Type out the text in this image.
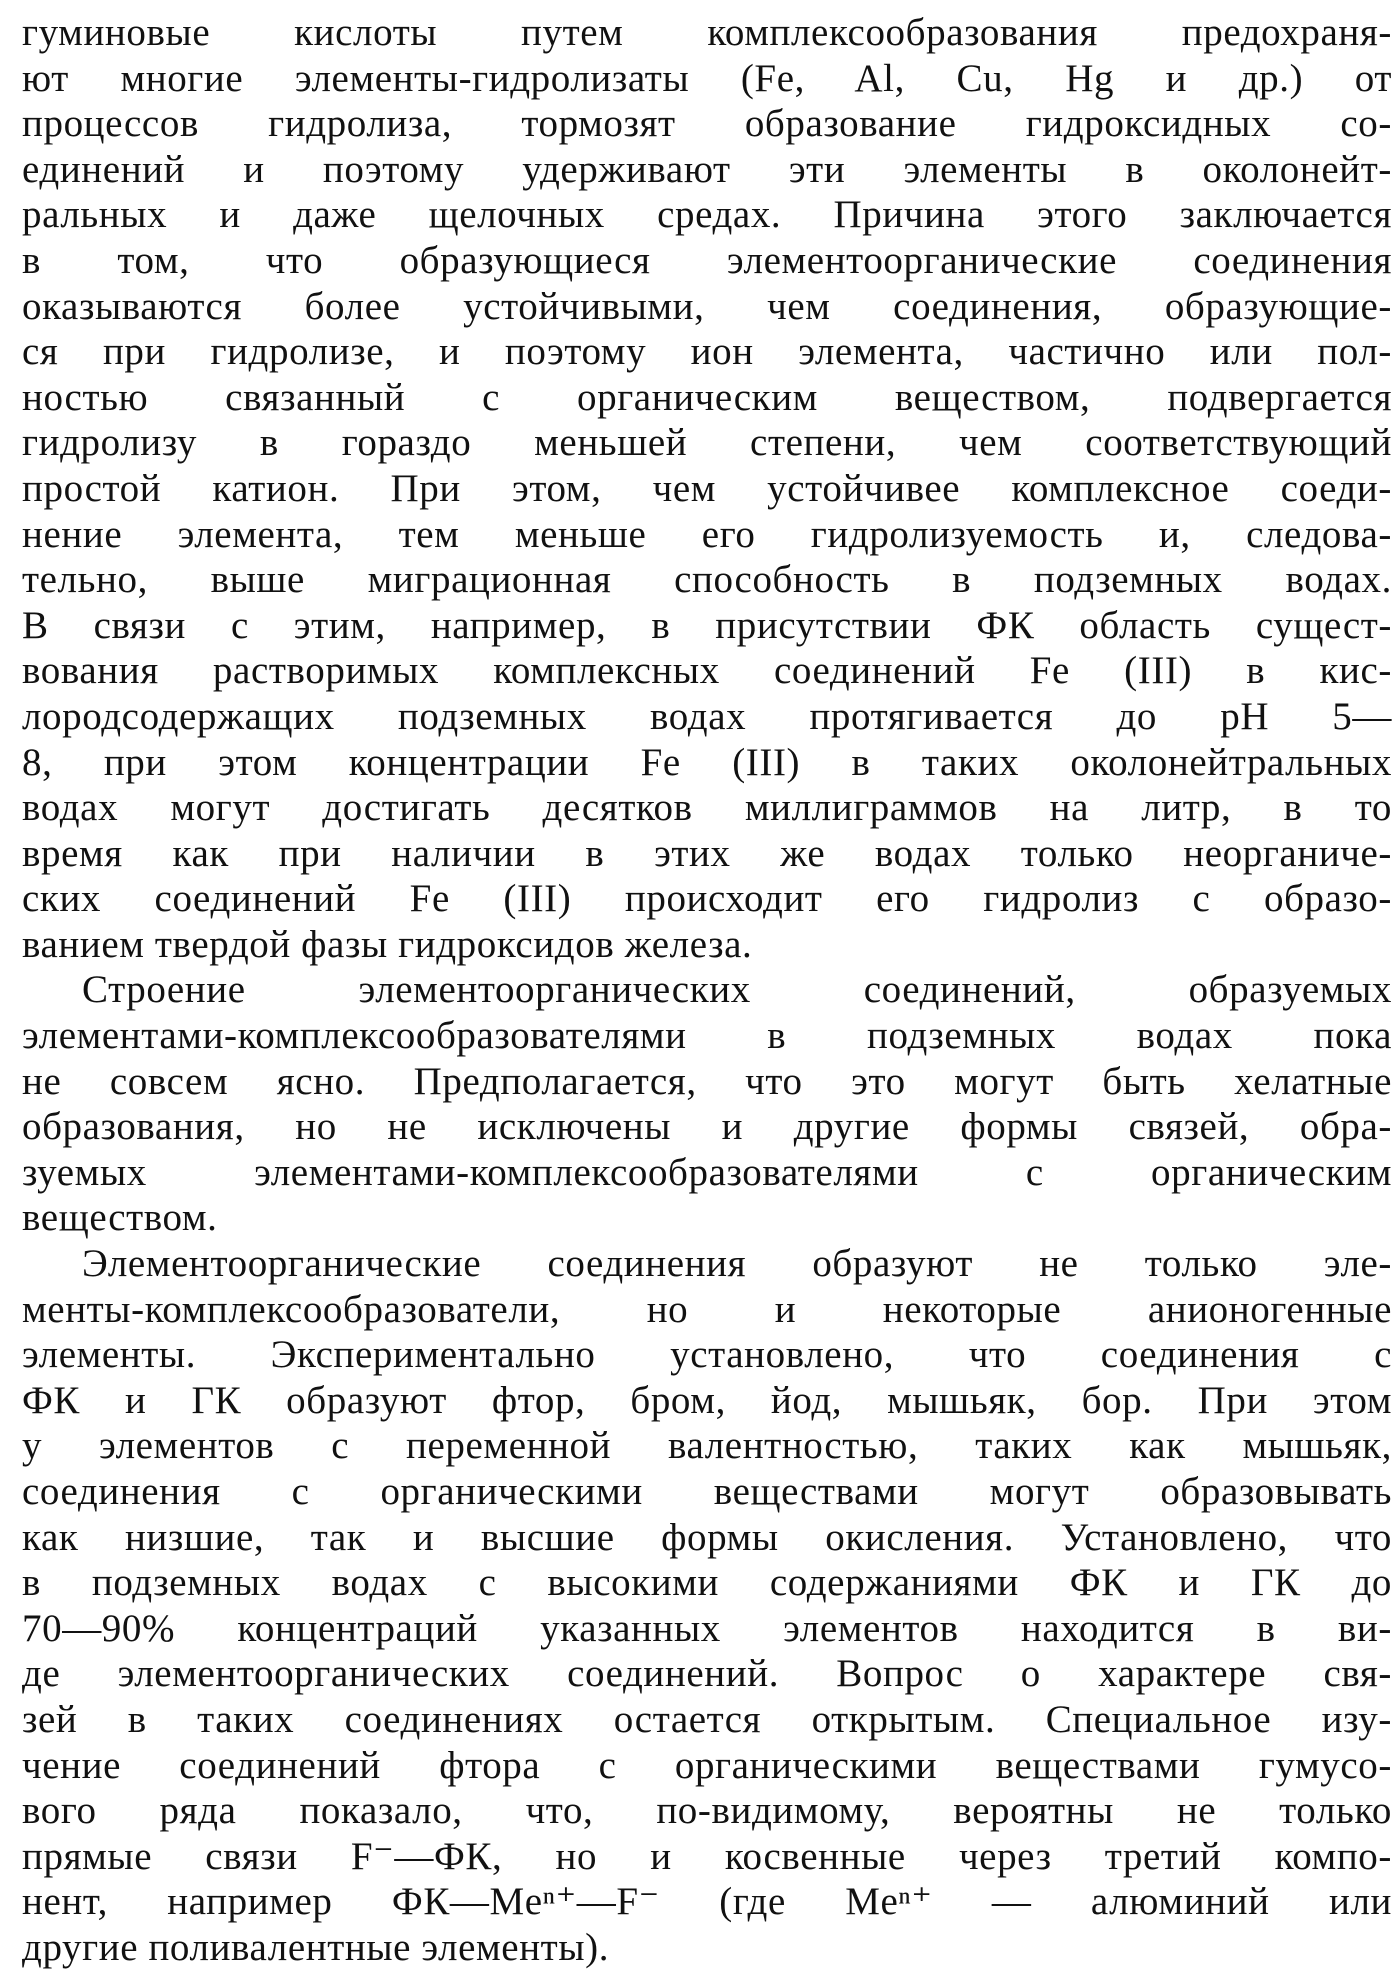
гуминовые кислоты путем комплексообразования предохраня-
ют многие элементы-гидролизаты (Fe, Al, Cu, Hg и др.) от
процессов гидролиза, тормозят образование гидроксидных со-
единений и поэтому удерживают эти элементы в околонейт-
ральных и даже щелочных средах. Причина этого заключается
в том, что образующиеся элементоорганические соединения
оказываются более устойчивыми, чем соединения, образующие-
ся при гидролизе, и поэтому ион элемента, частично или пол-
ностью связанный с органическим веществом, подвергается
гидролизу в гораздо меньшей степени, чем соответствующий
простой катион. При этом, чем устойчивее комплексное соеди-
нение элемента, тем меньше его гидролизуемость и, следова-
тельно, выше миграционная способность в подземных водах.
В связи с этим, например, в присутствии ФК область сущест-
вования растворимых комплексных соединений Fe (III) в кис-
лородсодержащих подземных водах протягивается до pH 5—
8, при этом концентрации Fe (III) в таких околонейтральных
водах могут достигать десятков миллиграммов на литр, в то
время как при наличии в этих же водах только неорганиче-
ских соединений Fe (III) происходит его гидролиз с образо-
ванием твердой фазы гидроксидов железа.
Строение элементоорганических соединений, образуемых
элементами-комплексообразователями в подземных водах пока
не совсем ясно. Предполагается, что это могут быть хелатные
образования, но не исключены и другие формы связей, обра-
зуемых элементами-комплексообразователями с органическим
веществом.
Элементоорганические соединения образуют не только эле-
менты-комплексообразователи, но и некоторые анионогенные
элементы. Экспериментально установлено, что соединения с
ФК и ГК образуют фтор, бром, йод, мышьяк, бор. При этом
у элементов с переменной валентностью, таких как мышьяк,
соединения с органическими веществами могут образовывать
как низшие, так и высшие формы окисления. Установлено, что
в подземных водах с высокими содержаниями ФК и ГК до
70—90% концентраций указанных элементов находится в ви-
де элементоорганических соединений. Вопрос о характере свя-
зей в таких соединениях остается открытым. Специальное изу-
чение соединений фтора с органическими веществами гумусо-
вого ряда показало, что, по-видимому, вероятны не только
прямые связи F⁻—ФК, но и косвенные через третий компо-
нент, например ФК—Meⁿ⁺—F⁻ (где Meⁿ⁺ — алюминий или
другие поливалентные элементы).
